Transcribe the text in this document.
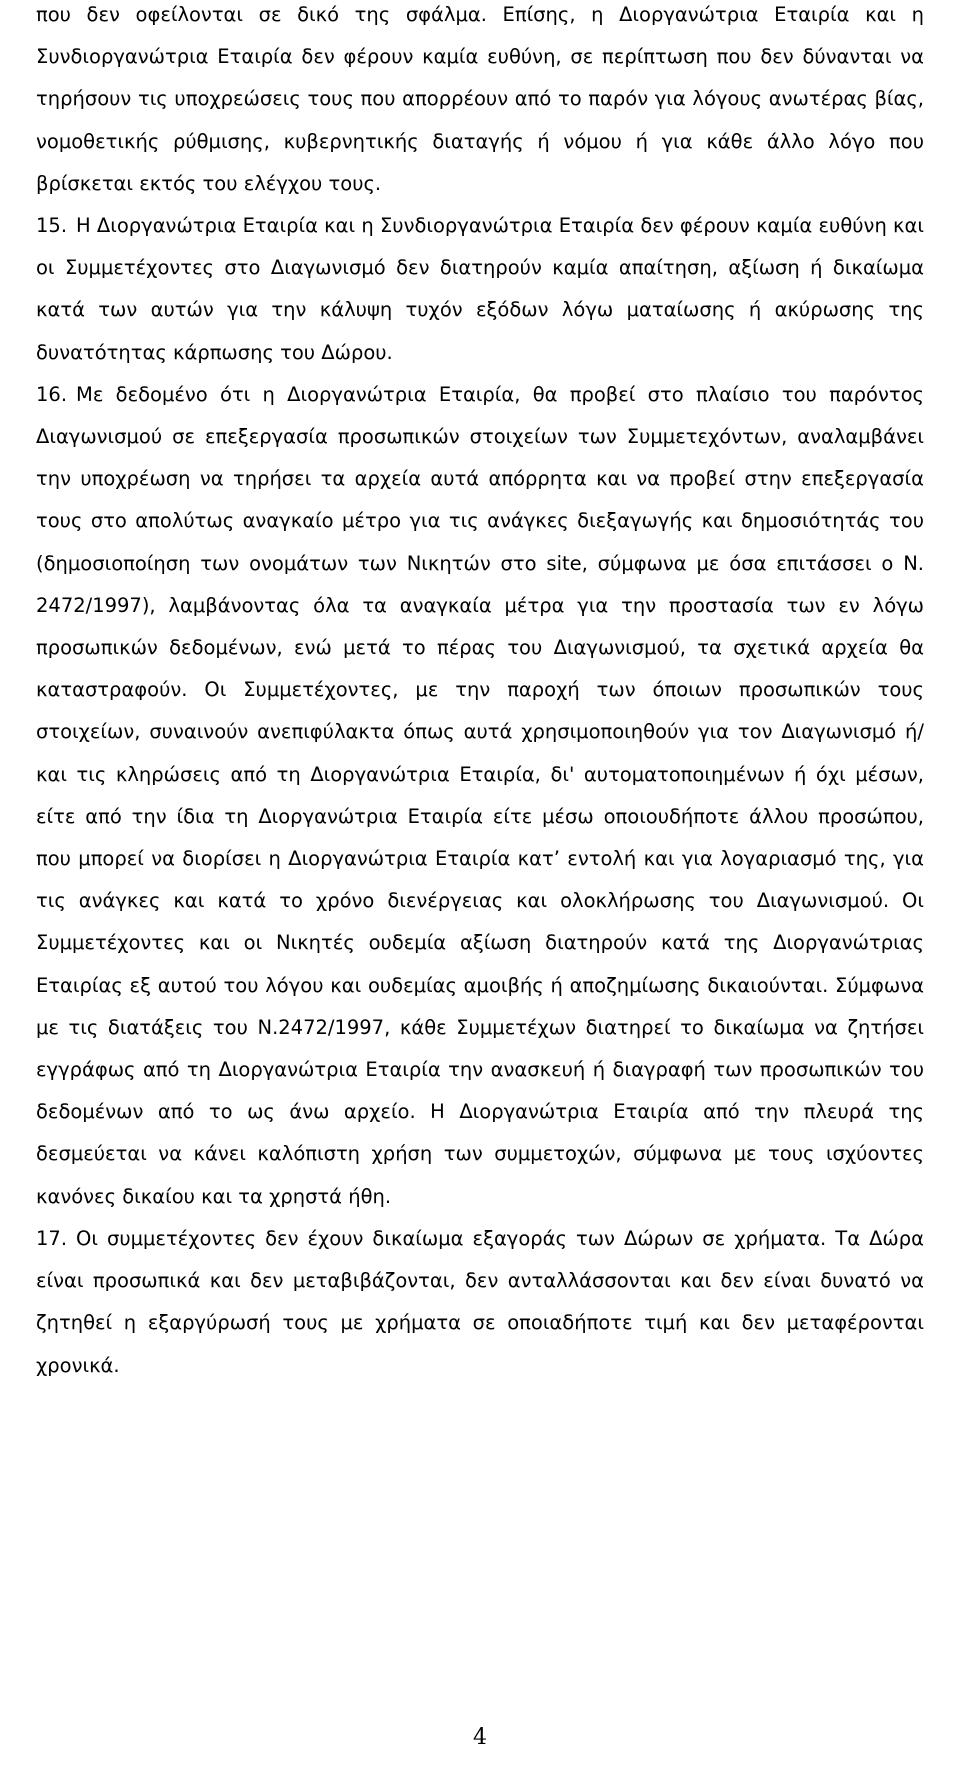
που δεν οφείλονται σε δικό της σφάλμα. Επίσης, η Διοργανώτρια Εταιρία και η Συνδιοργανώτρια Εταιρία δεν φέρουν καμία ευθύνη, σε περίπτωση που δεν δύνανται να τηρήσουν τις υποχρεώσεις τους που απορρέουν από το παρόν για λόγους ανωτέρας βίας, νομοθετικής ρύθμισης, κυβερνητικής διαταγής ή νόμου ή για κάθε άλλο λόγο που βρίσκεται εκτός του ελέγχου τους.

15. Η Διοργανώτρια Εταιρία και η Συνδιοργανώτρια Εταιρία δεν φέρουν καμία ευθύνη και οι Συμμετέχοντες στο Διαγωνισμό δεν διατηρούν καμία απαίτηση, αξίωση ή δικαίωμα κατά των αυτών για την κάλυψη τυχόν εξόδων λόγω ματαίωσης ή ακύρωσης της δυνατότητας κάρπωσης του Δώρου.
16. Με δεδομένο ότι η Διοργανώτρια Εταιρία, θα προβεί στο πλαίσιο του παρόντος Διαγωνισμού σε επεξεργασία προσωπικών στοιχείων των Συμμετεχόντων, αναλαμβάνει την υποχρέωση να τηρήσει τα αρχεία αυτά απόρρητα και να προβεί στην επεξεργασία τους στο απολύτως αναγκαίο μέτρο για τις ανάγκες διεξαγωγής και δημοσιότητάς του (δημοσιοποίηση των ονομάτων των Νικητών στο site, σύμφωνα με όσα επιτάσσει ο Ν. 2472/1997), λαμβάνοντας όλα τα αναγκαία μέτρα για την προστασία των εν λόγω προσωπικών δεδομένων, ενώ μετά το πέρας του Διαγωνισμού, τα σχετικά αρχεία θα καταστραφούν. Οι Συμμετέχοντες, με την παροχή των όποιων προσωπικών τους στοιχείων, συναινούν ανεπιφύλακτα όπως αυτά χρησιμοποιηθούν για τον Διαγωνισμό ή/και τις κληρώσεις από τη Διοργανώτρια Εταιρία, δι' αυτοματοποιημένων ή όχι μέσων, είτε από την ίδια τη Διοργανώτρια Εταιρία είτε μέσω οποιουδήποτε άλλου προσώπου, που μπορεί να διορίσει η Διοργανώτρια Εταιρία κατ’ εντολή και για λογαριασμό της, για τις ανάγκες και κατά το χρόνο διενέργειας και ολοκλήρωσης του Διαγωνισμού. Οι Συμμετέχοντες και οι Νικητές ουδεμία αξίωση διατηρούν κατά της Διοργανώτριας Εταιρίας εξ αυτού του λόγου και ουδεμίας αμοιβής ή αποζημίωσης δικαιούνται. Σύμφωνα με τις διατάξεις του Ν.2472/1997, κάθε Συμμετέχων διατηρεί το δικαίωμα να ζητήσει εγγράφως από τη Διοργανώτρια Εταιρία την ανασκευή ή διαγραφή των προσωπικών του δεδομένων από το ως άνω αρχείο. Η Διοργανώτρια Εταιρία από την πλευρά της δεσμεύεται να κάνει καλόπιστη χρήση των συμμετοχών, σύμφωνα με τους ισχύοντες κανόνες δικαίου και τα χρηστά ήθη.
17. Οι συμμετέχοντες δεν έχουν δικαίωμα εξαγοράς των Δώρων σε χρήματα. Τα Δώρα είναι προσωπικά και δεν μεταβιβάζονται, δεν ανταλλάσσονται και δεν είναι δυνατό να ζητηθεί η εξαργύρωσή τους με χρήματα σε οποιαδήποτε τιμή και δεν μεταφέρονται χρονικά.
4
